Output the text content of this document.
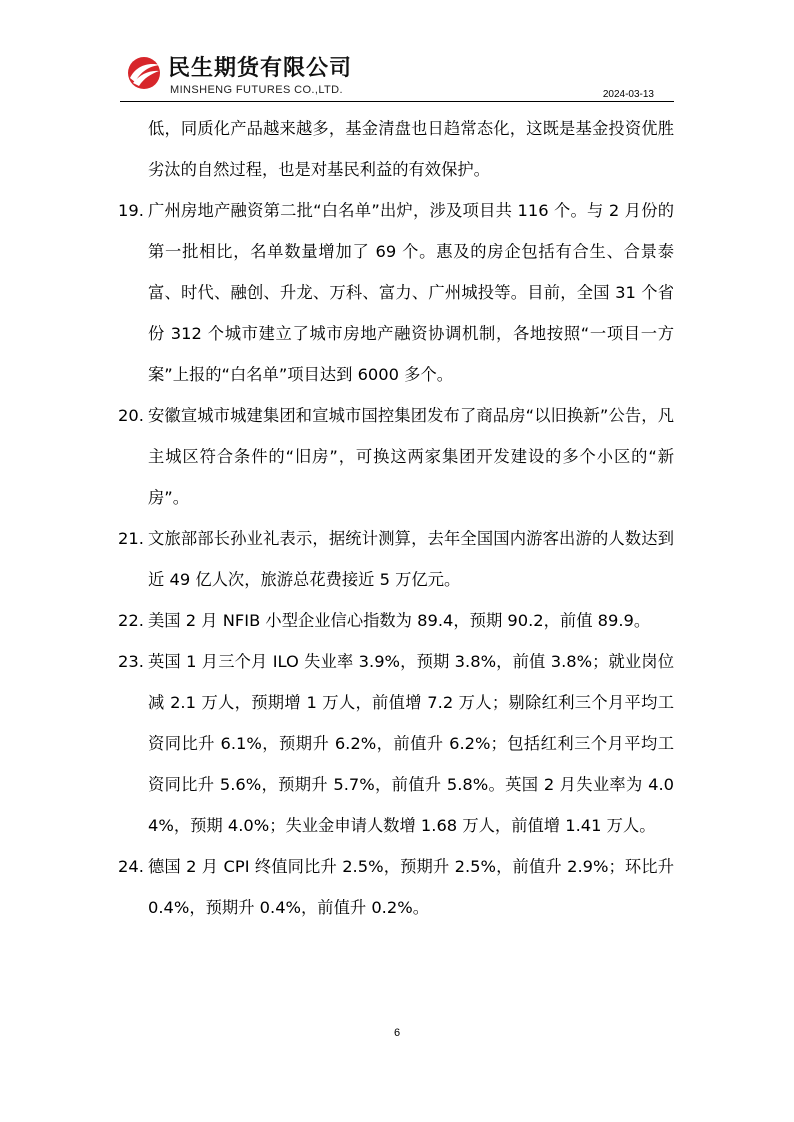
民生期货有限公司
MINSHENG FUTURES CO.,LTD.	2024-03-13
低，同质化产品越来越多，基金清盘也日趋常态化，这既是基金投资优胜劣汰的自然过程，也是对基民利益的有效保护。
19. 广州房地产融资第二批“白名单”出炉，涉及项目共 116 个。与 2 月份的第一批相比，名单数量增加了 69 个。惠及的房企包括有合生、合景泰富、时代、融创、升龙、万科、富力、广州城投等。目前，全国 31 个省份 312 个城市建立了城市房地产融资协调机制，各地按照“一项目一方案”上报的“白名单”项目达到 6000 多个。
20. 安徽宣城市城建集团和宣城市国控集团发布了商品房“以旧换新”公告，凡主城区符合条件的“旧房”，可换这两家集团开发建设的多个小区的“新房”。
21. 文旅部部长孙业礼表示，据统计测算，去年全国国内游客出游的人数达到近 49 亿人次，旅游总花费接近 5 万亿元。
22. 美国 2 月 NFIB 小型企业信心指数为 89.4，预期 90.2，前值 89.9。
23. 英国 1 月三个月 ILO 失业率 3.9%，预期 3.8%，前值 3.8%；就业岗位减 2.1 万人，预期增 1 万人，前值增 7.2 万人；剔除红利三个月平均工资同比升 6.1%，预期升 6.2%，前值升 6.2%；包括红利三个月平均工资同比升 5.6%，预期升 5.7%，前值升 5.8%。英国 2 月失业率为 4.04%，预期 4.0%；失业金申请人数增 1.68 万人，前值增 1.41 万人。
24. 德国 2 月 CPI 终值同比升 2.5%，预期升 2.5%，前值升 2.9%；环比升 0.4%，预期升 0.4%，前值升 0.2%。
6
